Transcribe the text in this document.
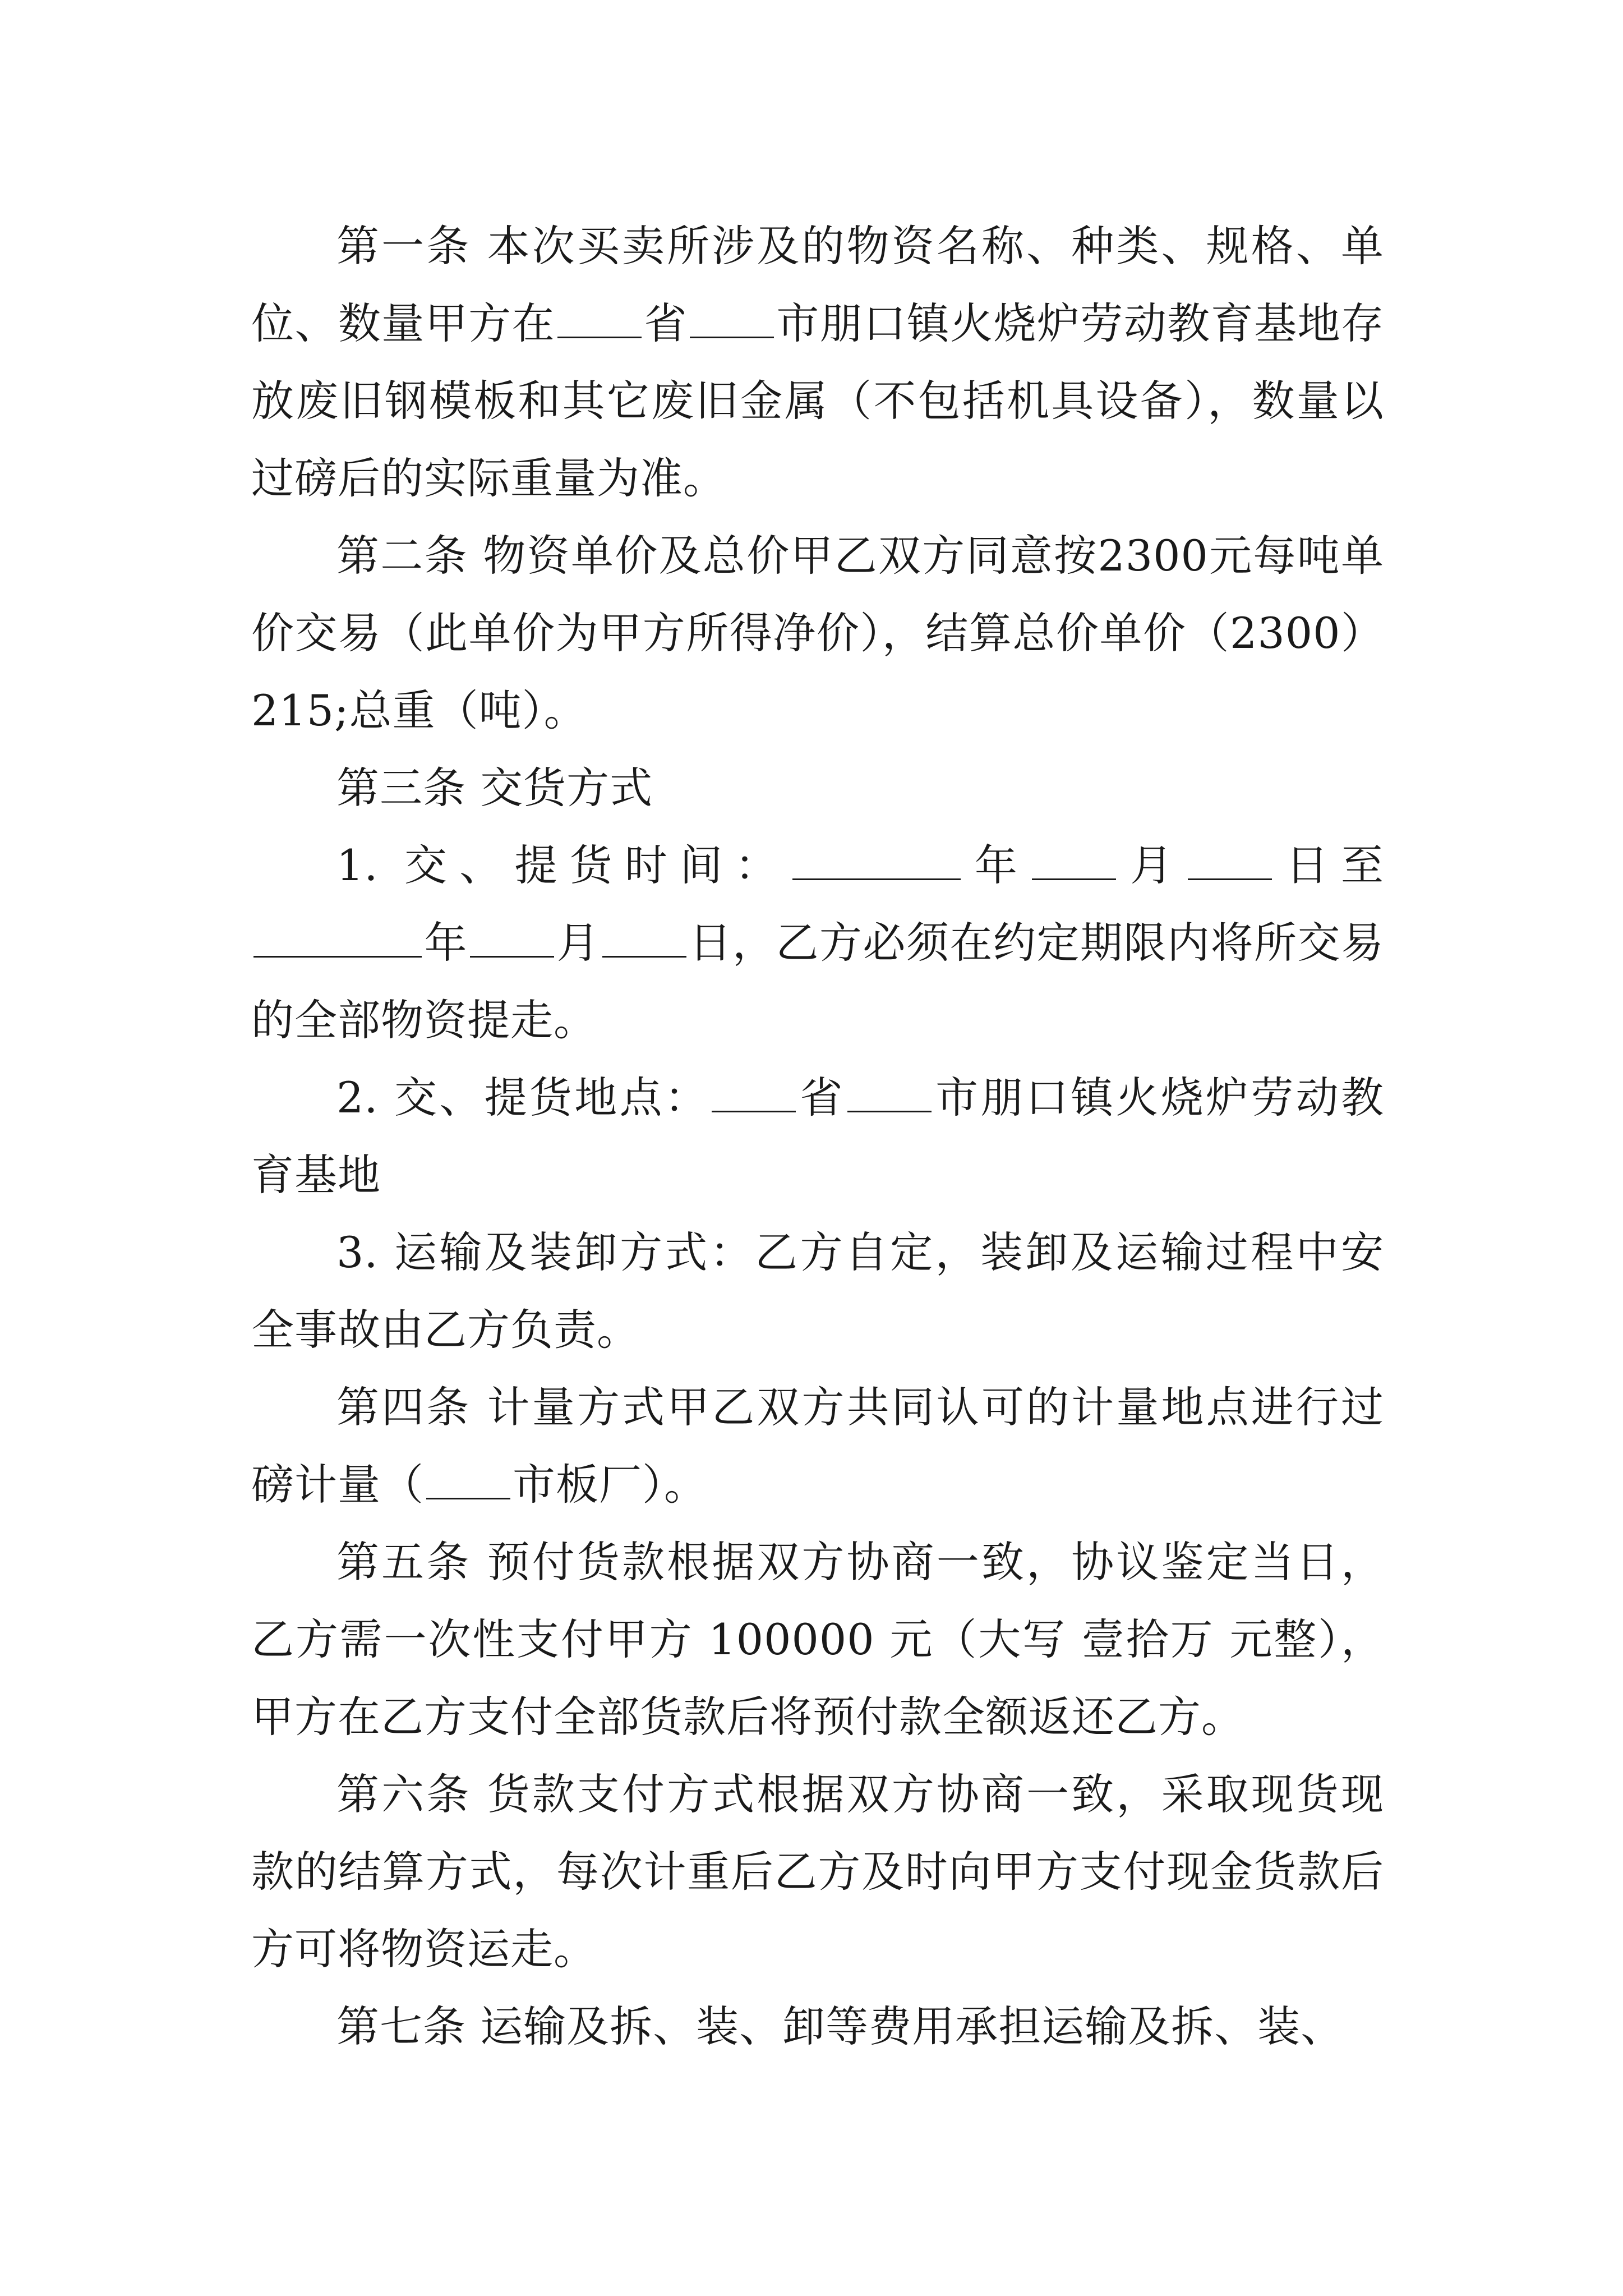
第一条 本次买卖所涉及的物资名称、种类、规格、单位、数量甲方在 省 市朋口镇火烧炉劳动教育基地存放废旧钢模板和其它废旧金属（不包括机具设备），数量以过磅后的实际重量为准。

第二条 物资单价及总价甲乙双方同意按2300元每吨单价交易（此单价为甲方所得净价），结算总价单价（2300）215;总重（吨）。

第三条 交货方式

1. 交、提货时间：	年 月 日至年 月 日，乙方必须在约定期限内将所交易的全部物资提走。

2. 交、提货地点： 省 市朋口镇火烧炉劳动教育基地

3. 运输及装卸方式：乙方自定，装卸及运输过程中安全事故由乙方负责。

第四条 计量方式甲乙双方共同认可的计量地点进行过磅计量（ 市板厂）。

第五条 预付货款根据双方协商一致，协议鉴定当日，乙方需一次性支付甲方 100000 元（大写 壹拾万 元整），甲方在乙方支付全部货款后将预付款全额返还乙方。

第六条 货款支付方式根据双方协商一致，采取现货现款的结算方式，每次计重后乙方及时向甲方支付现金货款后方可将物资运走。

第七条 运输及拆、装、卸等费用承担运输及拆、装、
